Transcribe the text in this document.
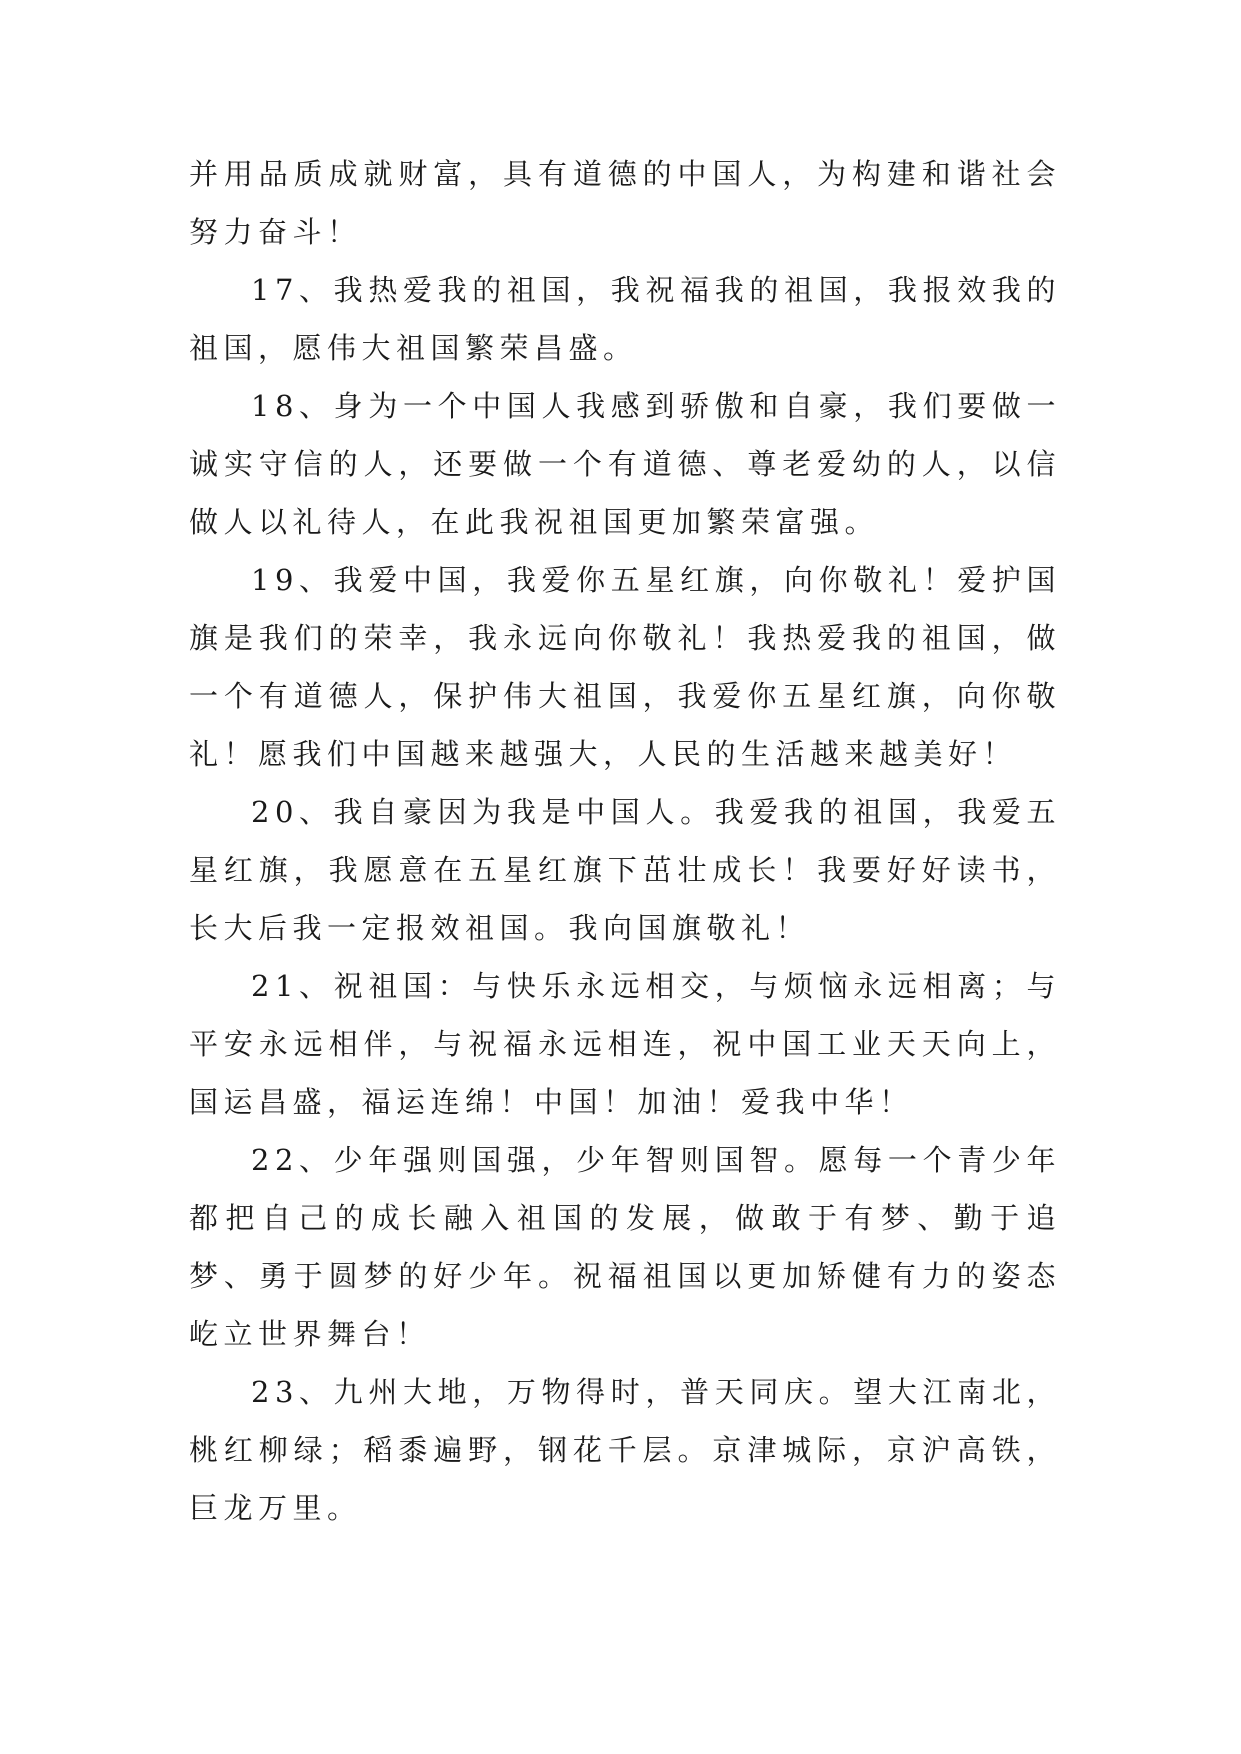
并用品质成就财富，具有道德的中国人，为构建和谐社会努力奋斗！

17、我热爱我的祖国，我祝福我的祖国，我报效我的祖国，愿伟大祖国繁荣昌盛。

18、身为一个中国人我感到骄傲和自豪，我们要做一诚实守信的人，还要做一个有道德、尊老爱幼的人，以信做人以礼待人，在此我祝祖国更加繁荣富强。

19、我爱中国，我爱你五星红旗，向你敬礼！爱护国旗是我们的荣幸，我永远向你敬礼！我热爱我的祖国，做一个有道德人，保护伟大祖国，我爱你五星红旗，向你敬礼！愿我们中国越来越强大，人民的生活越来越美好！

20、我自豪因为我是中国人。我爱我的祖国，我爱五星红旗，我愿意在五星红旗下茁壮成长！我要好好读书，长大后我一定报效祖国。我向国旗敬礼！

21、祝祖国：与快乐永远相交，与烦恼永远相离；与平安永远相伴，与祝福永远相连，祝中国工业天天向上，国运昌盛，福运连绵！中国！加油！爱我中华！

22、少年强则国强，少年智则国智。愿每一个青少年都把自己的成长融入祖国的发展，做敢于有梦、勤于追梦、勇于圆梦的好少年。祝福祖国以更加矫健有力的姿态屹立世界舞台！

23、九州大地，万物得时，普天同庆。望大江南北，桃红柳绿；稻黍遍野，钢花千层。京津城际，京沪高铁，巨龙万里。
